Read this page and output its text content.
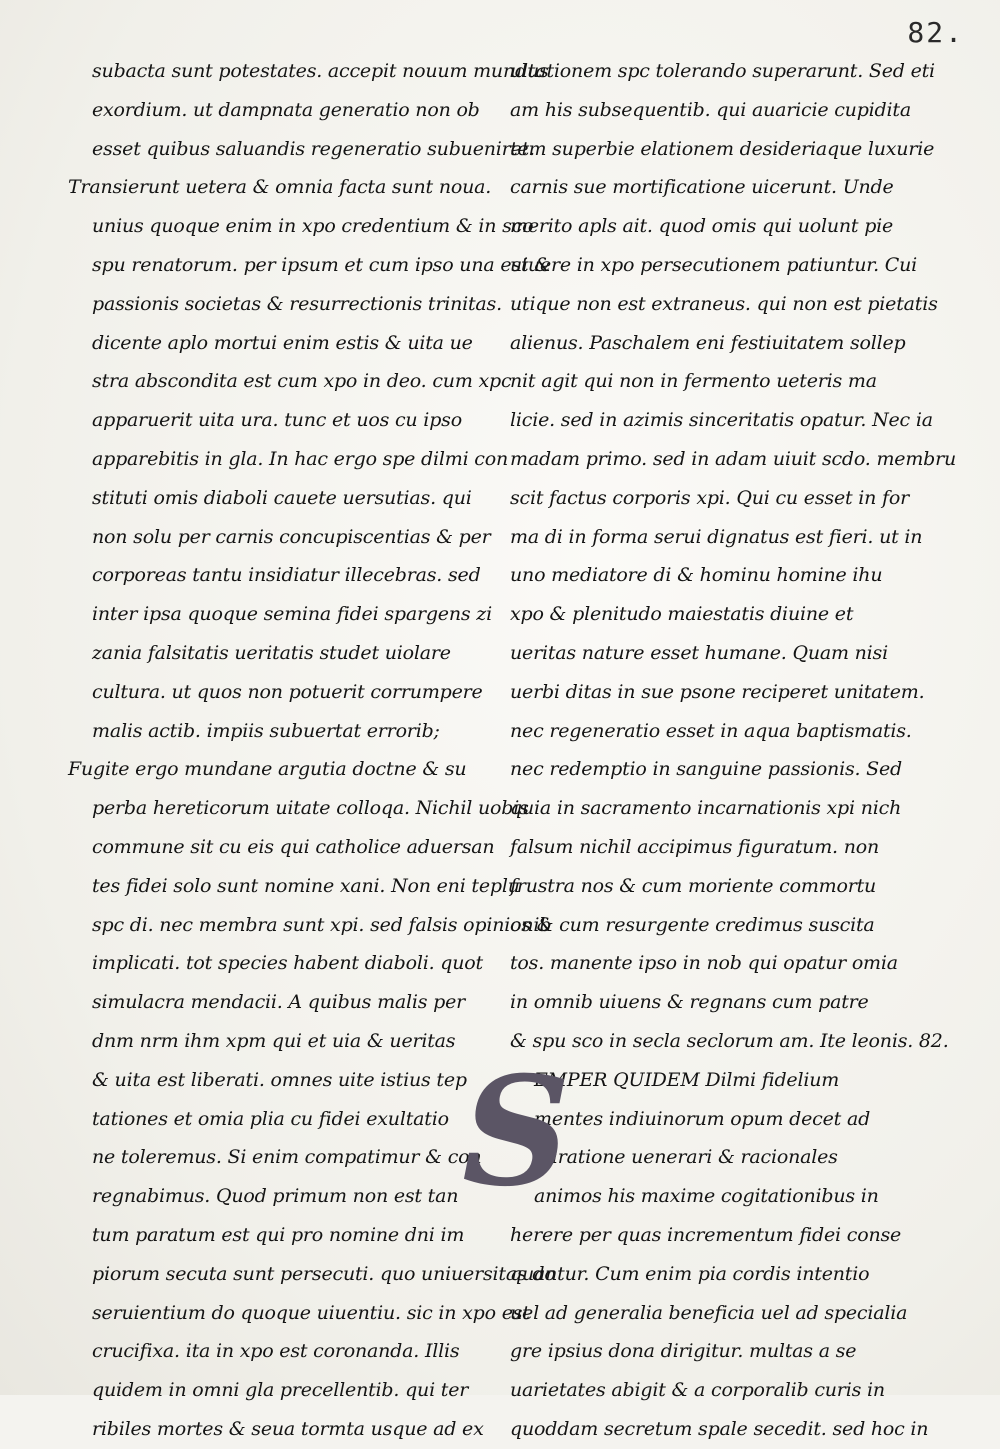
82.
subacta sunt potestates. accepit nouum mundus
exordium. ut dampnata generatio non ob
esset quibus saluandis regeneratio subueniret.
Transierunt uetera & omnia facta sunt noua.
unius quoque enim in xpo credentium & in sco
spu renatorum. per ipsum et cum ipso una est &
passionis societas & resurrectionis trinitas.
dicente aplo mortui enim estis & uita ue
stra abscondita est cum xpo in deo. cum xpc
apparuerit uita ura. tunc et uos cu ipso
apparebitis in gla. In hac ergo spe dilmi con
stituti omis diaboli cauete uersutias. qui
non solu per carnis concupiscentias & per
corporeas tantu insidiatur illecebras. sed
inter ipsa quoque semina fidei spargens zi
zania falsitatis ueritatis studet uiolare
cultura. ut quos non potuerit corrumpere
malis actib. impiis subuertat errorib;
Fugite ergo mundane argutia doctne & su
perba hereticorum uitate colloqa. Nichil uobis
commune sit cu eis qui catholice aduersan
tes fidei solo sunt nomine xani. Non eni teplu
spc di. nec membra sunt xpi. sed falsis opinionib
implicati. tot species habent diaboli. quot
simulacra mendacii. A quibus malis per
dnm nrm ihm xpm qui et uia & ueritas
& uita est liberati. omnes uite istius tep
tationes et omia plia cu fidei exultatio
ne toleremus. Si enim compatimur & con
regnabimus. Quod primum non est tan
tum paratum est qui pro nomine dni im
piorum secuta sunt persecuti. quo uniuersitas do
seruientium do quoque uiuentiu. sic in xpo est
crucifixa. ita in xpo est coronanda. Illis
quidem in omni gla precellentib. qui ter
ribiles mortes & seua tormta usque ad ex
ultationem spc tolerando superarunt. Sed eti
am his subsequentib. qui auaricie cupidita
tem superbie elationem desideriaque luxurie
carnis sue mortificatione uicerunt. Unde
merito apls ait. quod omis qui uolunt pie
uiuere in xpo persecutionem patiuntur. Cui
utique non est extraneus. qui non est pietatis
alienus. Paschalem eni festiuitatem sollep
nit agit qui non in fermento ueteris ma
licie. sed in azimis sinceritatis opatur. Nec ia
madam primo. sed in adam uiuit scdo. membru
scit factus corporis xpi. Qui cu esset in for
ma di in forma serui dignatus est fieri. ut in
uno mediatore di & hominu homine ihu
xpo & plenitudo maiestatis diuine et
ueritas nature esset humane. Quam nisi
uerbi ditas in sue psone reciperet unitatem.
nec regeneratio esset in aqua baptismatis.
nec redemptio in sanguine passionis. Sed
quia in sacramento incarnationis xpi nich
falsum nichil accipimus figuratum. non
frustra nos & cum moriente commortu
os & cum resurgente credimus suscita
tos. manente ipso in nob qui opatur omia
in omnib uiuens & regnans cum patre
& spu sco in secla seclorum am. Ite leonis. 82.
EMPER QUIDEM Dilmi fidelium
S
mentes indiuinorum opum decet ad
miratione uenerari & racionales
animos his maxime cogitationibus in
herere per quas incrementum fidei conse
quantur. Cum enim pia cordis intentio
uel ad generalia beneficia uel ad specialia
gre ipsius dona dirigitur. multas a se
uarietates abigit & a corporalib curis in
quoddam secretum spale secedit. sed hoc in
